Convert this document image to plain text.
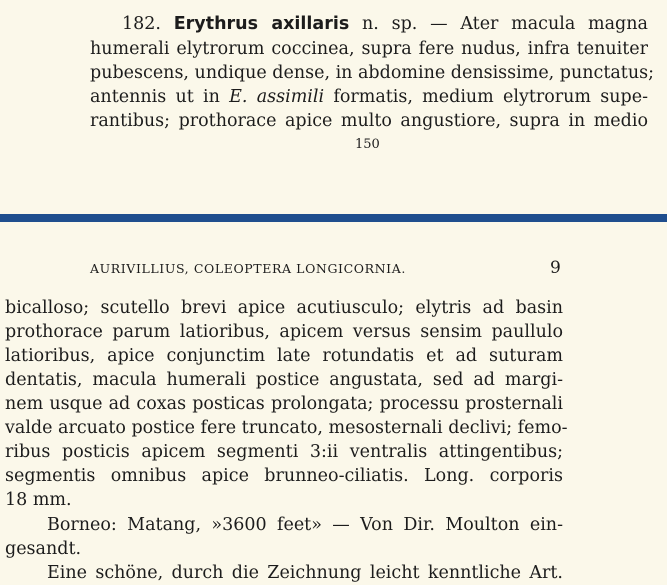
182. Erythrus axillaris n. sp. — Ater macula magna
humerali elytrorum coccinea, supra fere nudus, infra tenuiter
pubescens, undique dense, in abdomine densissime, punctatus;
antennis ut in E. assimili formatis, medium elytrorum supe-
rantibus; prothorace apice multo angustiore, supra in medio
150
AURIVILLIUS, COLEOPTERA LONGICORNIA.	9
bicalloso; scutello brevi apice acutiusculo; elytris ad basin
prothorace parum latioribus, apicem versus sensim paullulo
latioribus, apice conjunctim late rotundatis et ad suturam
dentatis, macula humerali postice angustata, sed ad margi-
nem usque ad coxas posticas prolongata; processu prosternali
valde arcuato postice fere truncato, mesosternali declivi; femo-
ribus posticis apicem segmenti 3:ii ventralis attingentibus;
segmentis omnibus apice brunneo-ciliatis. Long. corporis
18 mm.
Borneo: Matang, »3600 feet» — Von Dir. Moulton ein-
gesandt.
Eine schöne, durch die Zeichnung leicht kenntliche Art.
